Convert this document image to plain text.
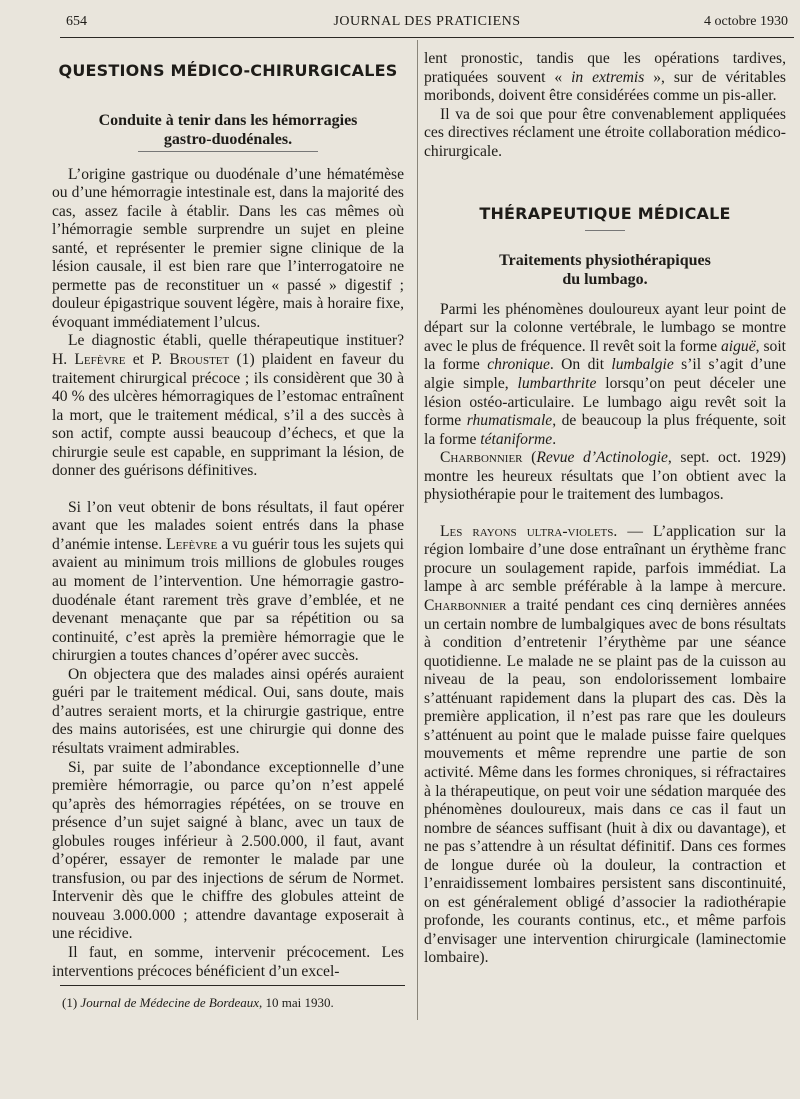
654	JOURNAL DES PRATICIENS	4 octobre 1930
QUESTIONS MÉDICO-CHIRURGICALES
Conduite à tenir dans les hémorragies
gastro-duodénales.

L’origine gastrique ou duodénale d’une hématémèse ou d’une hémorragie intestinale est, dans la majorité des cas, assez facile à établir. Dans les cas mêmes où l’hémorragie semble surprendre un sujet en pleine santé, et représenter le premier signe clinique de la lésion causale, il est bien rare que l’interrogatoire ne permette pas de reconstituer un « passé » digestif ; douleur épigastrique souvent légère, mais à horaire fixe, évoquant immédiatement l’ulcus.

Le diagnostic établi, quelle thérapeutique instituer? H. Lefèvre et P. Broustet (1) plaident en faveur du traitement chirurgical précoce ; ils considèrent que 30 à 40 % des ulcères hémorragiques de l’estomac entraînent la mort, que le traitement médical, s’il a des succès à son actif, compte aussi beaucoup d’échecs, et que la chirurgie seule est capable, en supprimant la lésion, de donner des guérisons définitives.

Si l’on veut obtenir de bons résultats, il faut opérer avant que les malades soient entrés dans la phase d’anémie intense. Lefèvre a vu guérir tous les sujets qui avaient au minimum trois millions de globules rouges au moment de l’intervention. Une hémorragie gastro-duodénale étant rarement très grave d’emblée, et ne devenant menaçante que par sa répétition ou sa continuité, c’est après la première hémorragie que le chirurgien a toutes chances d’opérer avec succès.

On objectera que des malades ainsi opérés auraient guéri par le traitement médical. Oui, sans doute, mais d’autres seraient morts, et la chirurgie gastrique, entre des mains autorisées, est une chirurgie qui donne des résultats vraiment admirables.

Si, par suite de l’abondance exceptionnelle d’une première hémorragie, ou parce qu’on n’est appelé qu’après des hémorragies répétées, on se trouve en présence d’un sujet saigné à blanc, avec un taux de globules rouges inférieur à 2.500.000, il faut, avant d’opérer, essayer de remonter le malade par une transfusion, ou par des injections de sérum de Normet. Intervenir dès que le chiffre des globules atteint de nouveau 3.000.000 ; attendre davantage exposerait à une récidive.

Il faut, en somme, intervenir précocement. Les interventions précoces bénéficient d’un excel-

lent pronostic, tandis que les opérations tardives, pratiquées souvent « in extremis », sur de véritables moribonds, doivent être considérées comme un pis-aller.

Il va de soi que pour être convenablement appliquées ces directives réclament une étroite collaboration médico-chirurgicale.

THÉRAPEUTIQUE MÉDICALE
Traitements physiothérapiques
du lumbago.

Parmi les phénomènes douloureux ayant leur point de départ sur la colonne vertébrale, le lumbago se montre avec le plus de fréquence. Il revêt soit la forme aiguë, soit la forme chronique. On dit lumbalgie s’il s’agit d’une algie simple, lumbarthrite lorsqu’on peut déceler une lésion ostéo-articulaire. Le lumbago aigu revêt soit la forme rhumatismale, de beaucoup la plus fréquente, soit la forme tétaniforme.

Charbonnier (Revue d’Actinologie, sept. oct. 1929) montre les heureux résultats que l’on obtient avec la physiothérapie pour le traitement des lumbagos.

Les rayons ultra-violets. — L’application sur la région lombaire d’une dose entraînant un érythème franc procure un soulagement rapide, parfois immédiat. La lampe à arc semble préférable à la lampe à mercure. Charbonnier a traité pendant ces cinq dernières années un certain nombre de lumbalgiques avec de bons résultats à condition d’entretenir l’érythème par une séance quotidienne. Le malade ne se plaint pas de la cuisson au niveau de la peau, son endolorissement lombaire s’atténuant rapidement dans la plupart des cas. Dès la première application, il n’est pas rare que les douleurs s’atténuent au point que le malade puisse faire quelques mouvements et même reprendre une partie de son activité. Même dans les formes chroniques, si réfractaires à la thérapeutique, on peut voir une sédation marquée des phénomènes douloureux, mais dans ce cas il faut un nombre de séances suffisant (huit à dix ou davantage), et ne pas s’attendre à un résultat définitif. Dans ces formes de longue durée où la douleur, la contraction et l’enraidissement lombaires persistent sans discontinuité, on est généralement obligé d’associer la radiothérapie profonde, les courants continus, etc., et même parfois d’envisager une intervention chirurgicale (laminectomie lombaire).

(1) Journal de Médecine de Bordeaux, 10 mai 1930.
